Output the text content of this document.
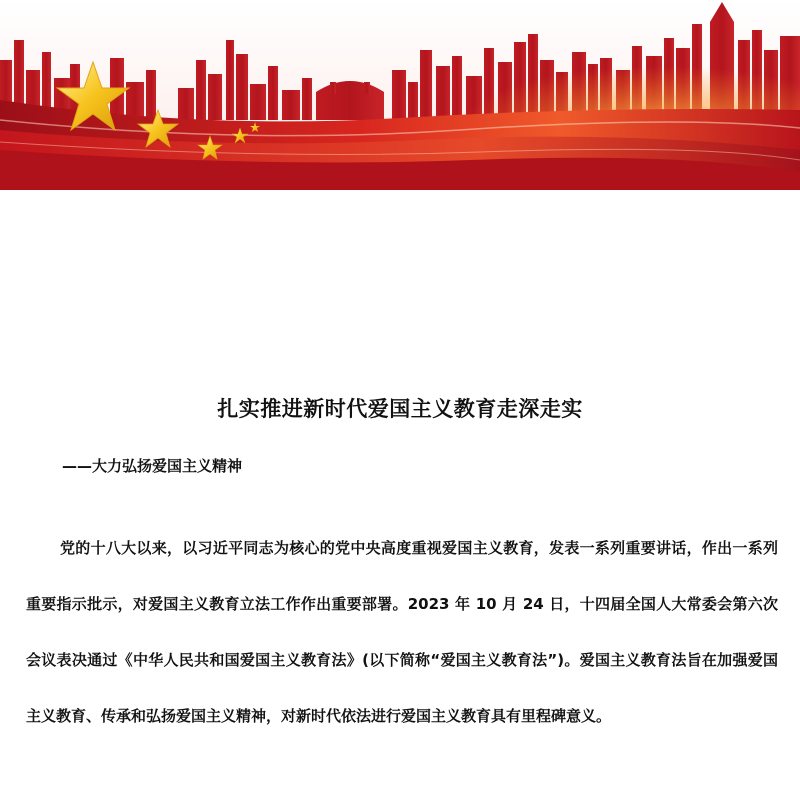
扎实推进新时代爱国主义教育走深走实

——大力弘扬爱国主义精神

党的十八大以来，以习近平同志为核心的党中央高度重视爱国主义教育，发表一系列重要讲话，作出一系列重要指示批示，对爱国主义教育立法工作作出重要部署。2023 年 10 月 24 日，十四届全国人大常委会第六次会议表决通过《中华人民共和国爱国主义教育法》(以下简称“爱国主义教育法”)。爱国主义教育法旨在加强爱国主义教育、传承和弘扬爱国主义精神，对新时代依法进行爱国主义教育具有里程碑意义。
